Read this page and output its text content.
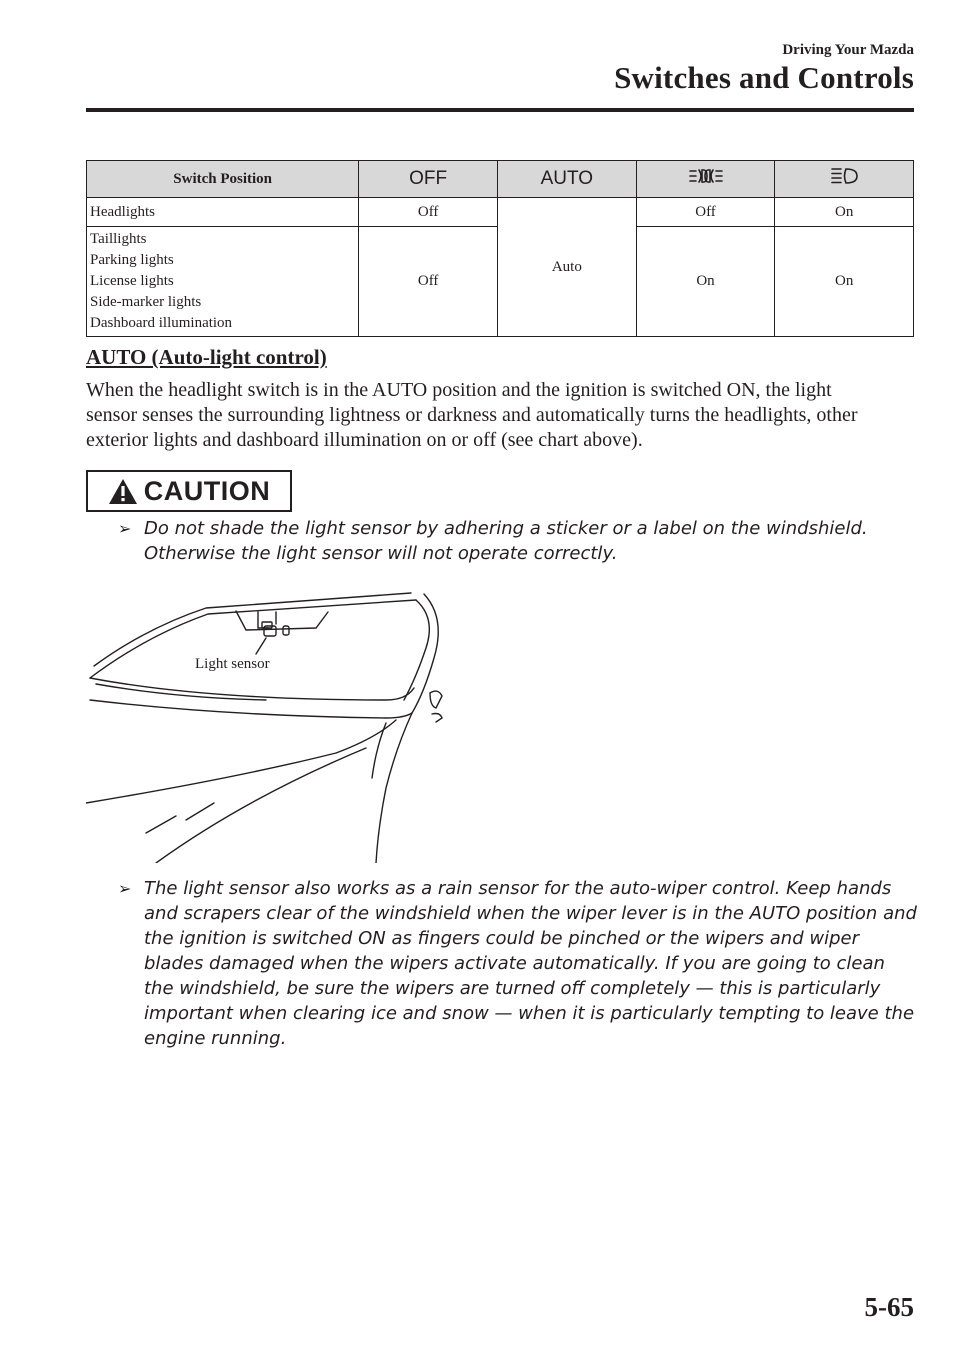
Driving Your Mazda
Switches and Controls
Switch Position	OFF	AUTO		
Headlights	Off	Auto	Off	On

Taillights
Parking lights
License lights
Side-marker lights
Dashboard illumination	Off		On	On
AUTO (Auto-light control)
When the headlight switch is in the AUTO position and the ignition is switched ON, the light sensor senses the surrounding lightness or darkness and automatically turns the headlights, other exterior lights and dashboard illumination on or off (see chart above).
CAUTION
➢ Do not shade the light sensor by adhering a sticker or a label on the windshield. Otherwise the light sensor will not operate correctly.
Light sensor
➢ The light sensor also works as a rain sensor for the auto-wiper control. Keep hands and scrapers clear of the windshield when the wiper lever is in the AUTO position and the ignition is switched ON as fingers could be pinched or the wipers and wiper blades damaged when the wipers activate automatically. If you are going to clean the windshield, be sure the wipers are turned off completely — this is particularly important when clearing ice and snow — when it is particularly tempting to leave the engine running.
5-65
